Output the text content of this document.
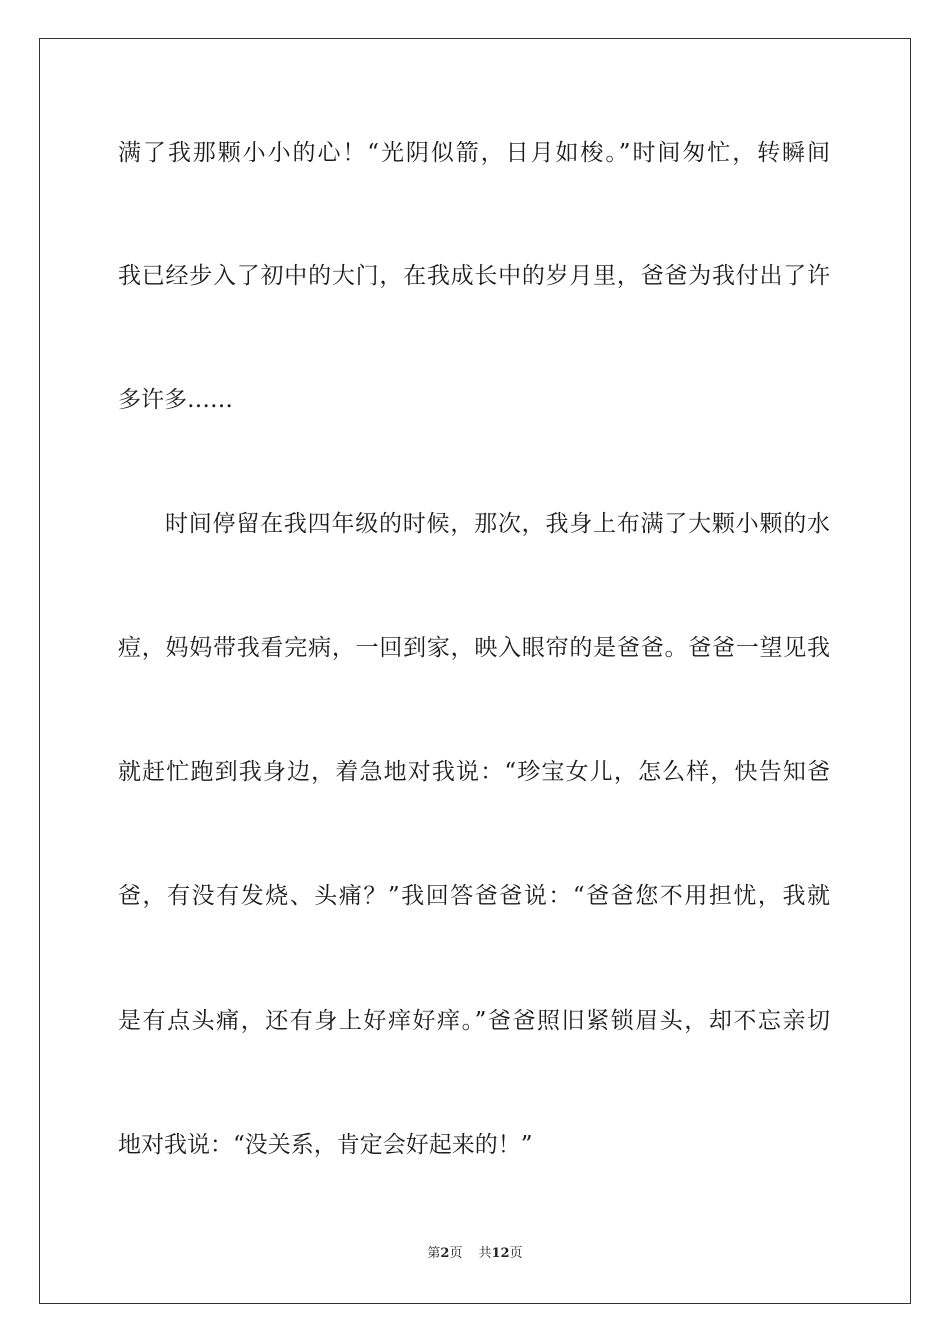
满了我那颗小小的心！“光阴似箭，日月如梭。”时间匆忙，转瞬间
我已经步入了初中的大门，在我成长中的岁月里，爸爸为我付出了许
多许多……
时间停留在我四年级的时候，那次，我身上布满了大颗小颗的水
痘，妈妈带我看完病，一回到家，映入眼帘的是爸爸。爸爸一望见我
就赶忙跑到我身边，着急地对我说：“珍宝女儿，怎么样，快告知爸
爸，有没有发烧、头痛？”我回答爸爸说：“爸爸您不用担忧，我就
是有点头痛，还有身上好痒好痒。”爸爸照旧紧锁眉头，却不忘亲切
地对我说：“没关系，肯定会好起来的！”
第2页 共12页
